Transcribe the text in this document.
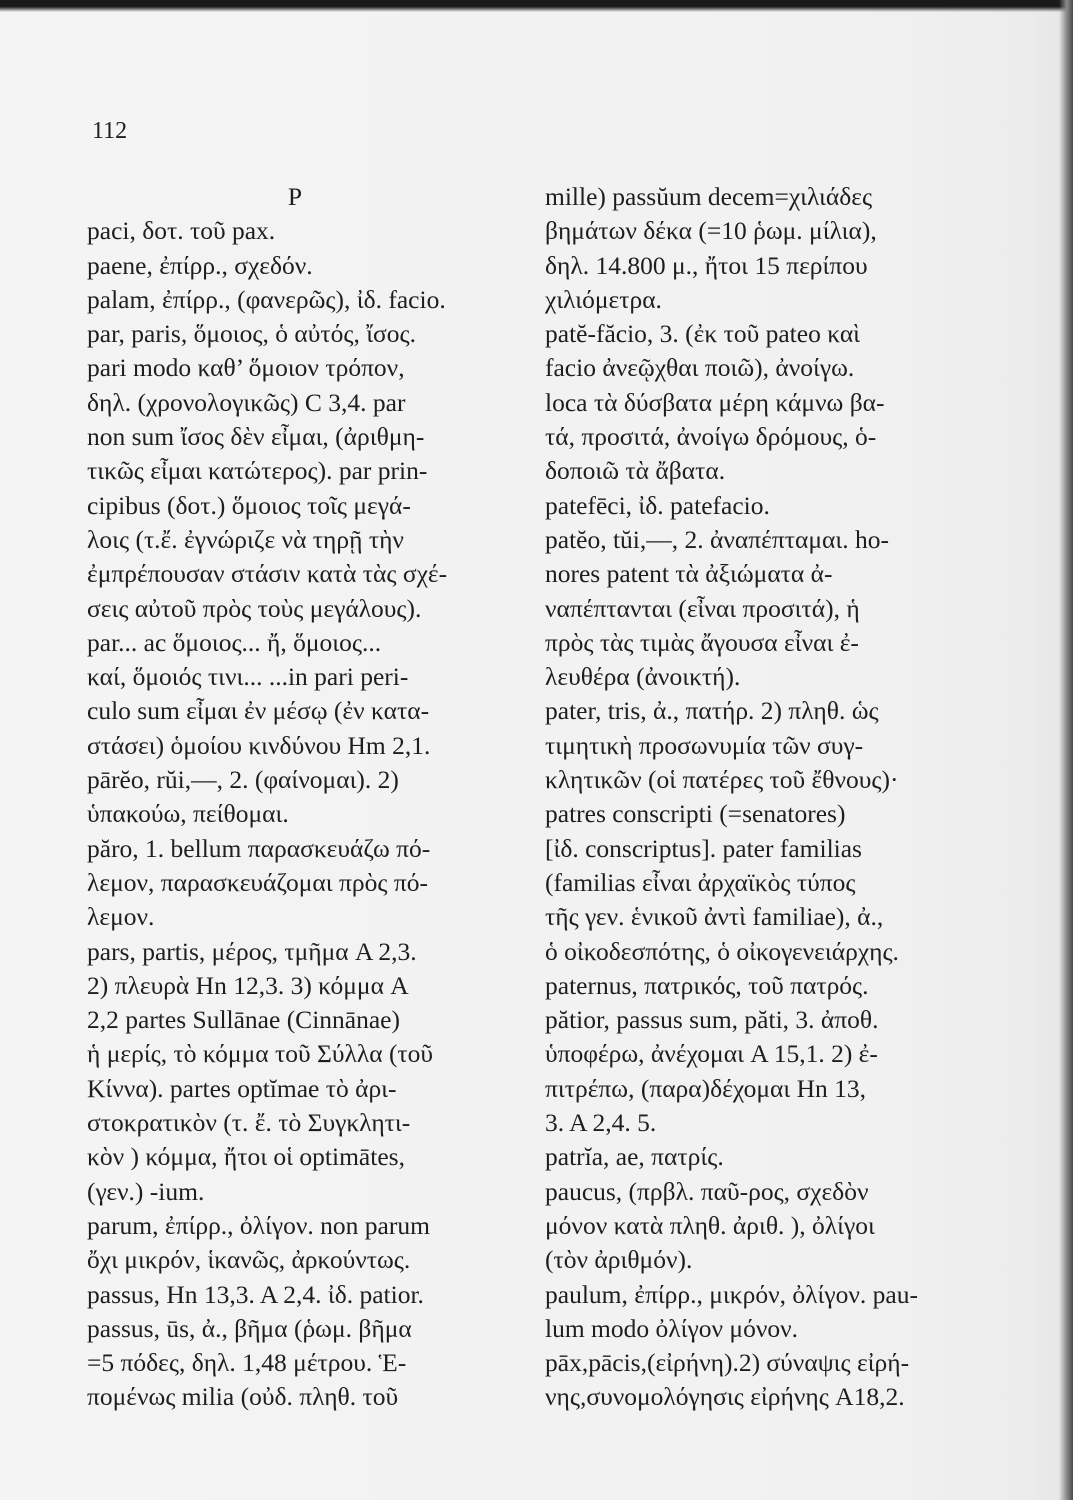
112
P
paci, δοτ. τοῦ pax.
paene, ἐπίρρ., σχεδόν.
palam, ἐπίρρ., (φανερῶς), ἰδ. facio.
par, paris, ὅμοιος, ὁ αὐτός, ἴσος.
pari modo καθ’ ὅμοιον τρόπον,
δηλ. (χρονολογικῶς) C 3,4. par
non sum ἴσος δὲν εἶμαι, (ἀριθμη-
τικῶς εἶμαι κατώτερος). par prin-
cipibus (δοτ.) ὅμοιος τοῖς μεγά-
λοις (τ.ἔ. ἐγνώριζε νὰ τηρῇ τὴν
ἐμπρέπουσαν στάσιν κατὰ τὰς σχέ-
σεις αὐτοῦ πρὸς τοὺς μεγάλους).
par... ac ὅμοιος... ἤ, ὅμοιος...
καί, ὅμοιός τινι... ...in pari peri-
culo sum εἶμαι ἐν μέσῳ (ἐν κατα-
στάσει) ὁμοίου κινδύνου Hm 2,1.
pārĕo, rŭi,—, 2. (φαίνομαι). 2)
ὑπακούω, πείθομαι.
păro, 1. bellum παρασκευάζω πό-
λεμον, παρασκευάζομαι πρὸς πό-
λεμον.
pars, partis, μέρος, τμῆμα A 2,3.
2) πλευρὰ Hn 12,3. 3) κόμμα A
2,2 partes Sullānae (Cinnānae)
ἡ μερίς, τὸ κόμμα τοῦ Σύλλα (τοῦ
Κίννα). partes optĭmae τὸ ἀρι-
στοκρατικὸν (τ. ἔ. τὸ Συγκλητι-
κὸν ) κόμμα, ἤτοι οἱ optimātes,
(γεν.) -ium.
parum, ἐπίρρ., ὀλίγον. non parum
ὄχι μικρόν, ἱκανῶς, ἀρκούντως.
passus, Hn 13,3. A 2,4. ἰδ. patior.
passus, ūs, ἀ., βῆμα (ῥωμ. βῆμα
=5 πόδες, δηλ. 1,48 μέτρου. Ἑ-
πομένως milia (οὐδ. πληθ. τοῦ
mille) passŭum decem=χιλιάδες
βημάτων δέκα (=10 ῥωμ. μίλια),
δηλ. 14.800 μ., ἤτοι 15 περίπου
χιλιόμετρα.
patĕ-făcio, 3. (ἐκ τοῦ pateo καὶ
facio ἀνεῷχθαι ποιῶ), ἀνοίγω.
loca τὰ δύσβατα μέρη κάμνω βα-
τά, προσιτά, ἀνοίγω δρόμους, ὁ-
δοποιῶ τὰ ἄβατα.
patefēci, ἰδ. patefacio.
patĕo, tŭi,—, 2. ἀναπέπταμαι. ho-
nores patent τὰ ἀξιώματα ἀ-
ναπέπτανται (εἶναι προσιτά), ἡ
πρὸς τὰς τιμὰς ἄγουσα εἶναι ἐ-
λευθέρα (ἀνοικτή).
pater, tris, ἀ., πατήρ. 2) πληθ. ὡς
τιμητικὴ προσωνυμία τῶν συγ-
κλητικῶν (οἱ πατέρες τοῦ ἔθνους)·
patres conscripti (=senatores)
[ἰδ. conscriptus]. pater familias
(familias εἶναι ἀρχαϊκὸς τύπος
τῆς γεν. ἑνικοῦ ἀντὶ familiae), ἀ.,
ὁ οἰκοδεσπότης, ὁ οἰκογενειάρχης.
paternus, πατρικός, τοῦ πατρός.
pătior, passus sum, păti, 3. ἀποθ.
ὑποφέρω, ἀνέχομαι A 15,1. 2) ἐ-
πιτρέπω, (παρα)δέχομαι Hn 13,
3. A 2,4. 5.
patrĭa, ae, πατρίς.
paucus, (πρβλ. παῦ-ρος, σχεδὸν
μόνον κατὰ πληθ. ἀριθ. ), ὀλίγοι
(τὸν ἀριθμόν).
paulum, ἐπίρρ., μικρόν, ὀλίγον. pau-
lum modo ὀλίγον μόνον.
pāx,pācis,(εἰρήνη).2) σύναψις εἰρή-
νης,συνομολόγησις εἰρήνης A18,2.
